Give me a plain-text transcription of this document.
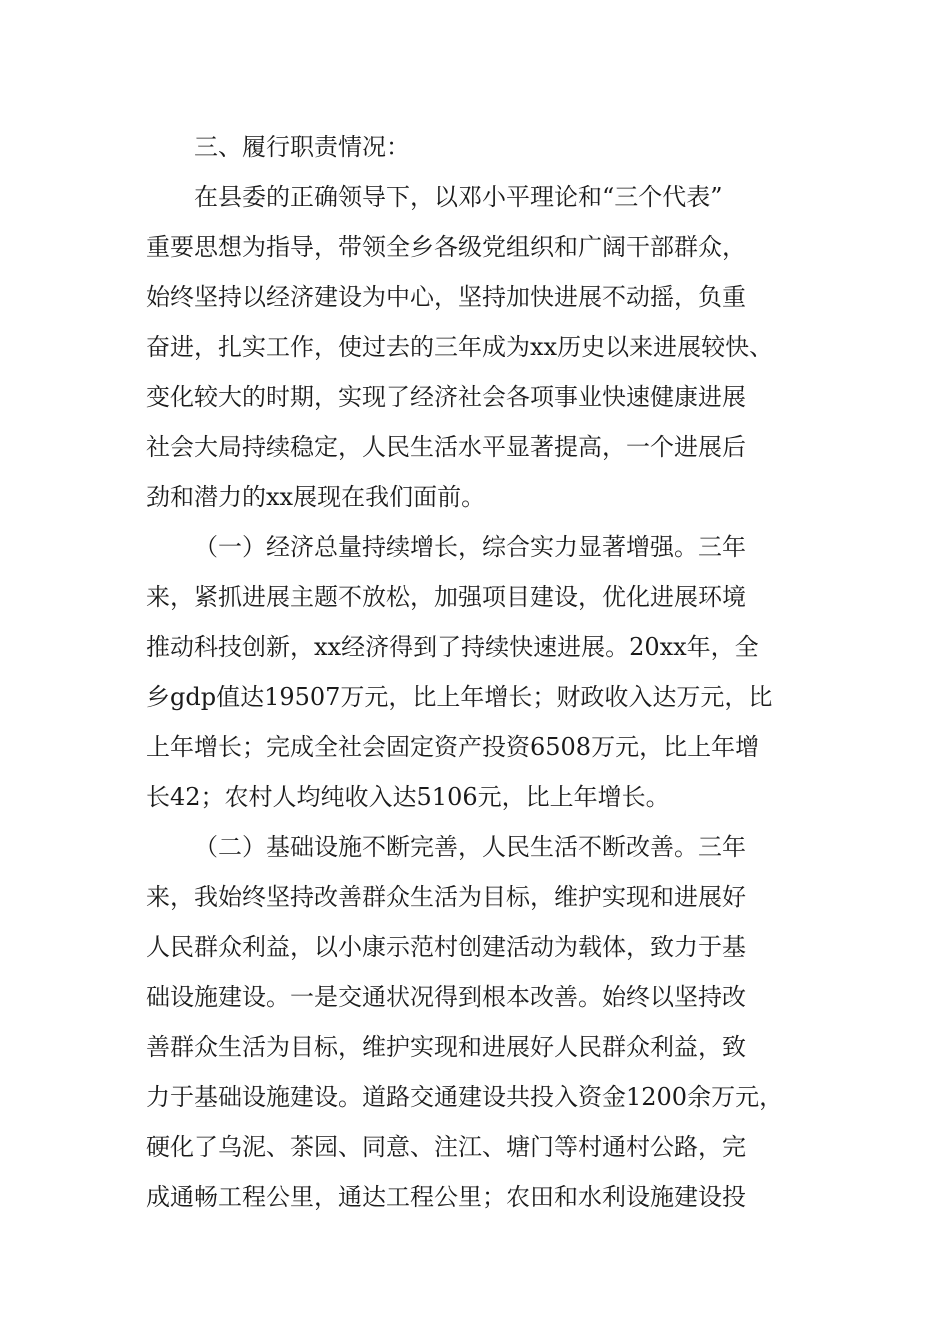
三、履行职责情况：
在县委的正确领导下，以邓小平理论和“三个代表”
重要思想为指导，带领全乡各级党组织和广阔干部群众，
始终坚持以经济建设为中心，坚持加快进展不动摇，负重
奋进，扎实工作，使过去的三年成为xx历史以来进展较快、
变化较大的时期，实现了经济社会各项事业快速健康进展
社会大局持续稳定，人民生活水平显著提高，一个进展后
劲和潜力的xx展现在我们面前。
（一）经济总量持续增长，综合实力显著增强。三年
来，紧抓进展主题不放松，加强项目建设，优化进展环境
推动科技创新，xx经济得到了持续快速进展。20xx年，全
乡gdp值达19507万元，比上年增长；财政收入达万元，比
上年增长；完成全社会固定资产投资6508万元，比上年增
长42；农村人均纯收入达5106元，比上年增长。
（二）基础设施不断完善，人民生活不断改善。三年
来，我始终坚持改善群众生活为目标，维护实现和进展好
人民群众利益，以小康示范村创建活动为载体，致力于基
础设施建设。一是交通状况得到根本改善。始终以坚持改
善群众生活为目标，维护实现和进展好人民群众利益，致
力于基础设施建设。道路交通建设共投入资金1200余万元，
硬化了乌泥、茶园、同意、注江、塘门等村通村公路，完
成通畅工程公里，通达工程公里；农田和水利设施建设投
